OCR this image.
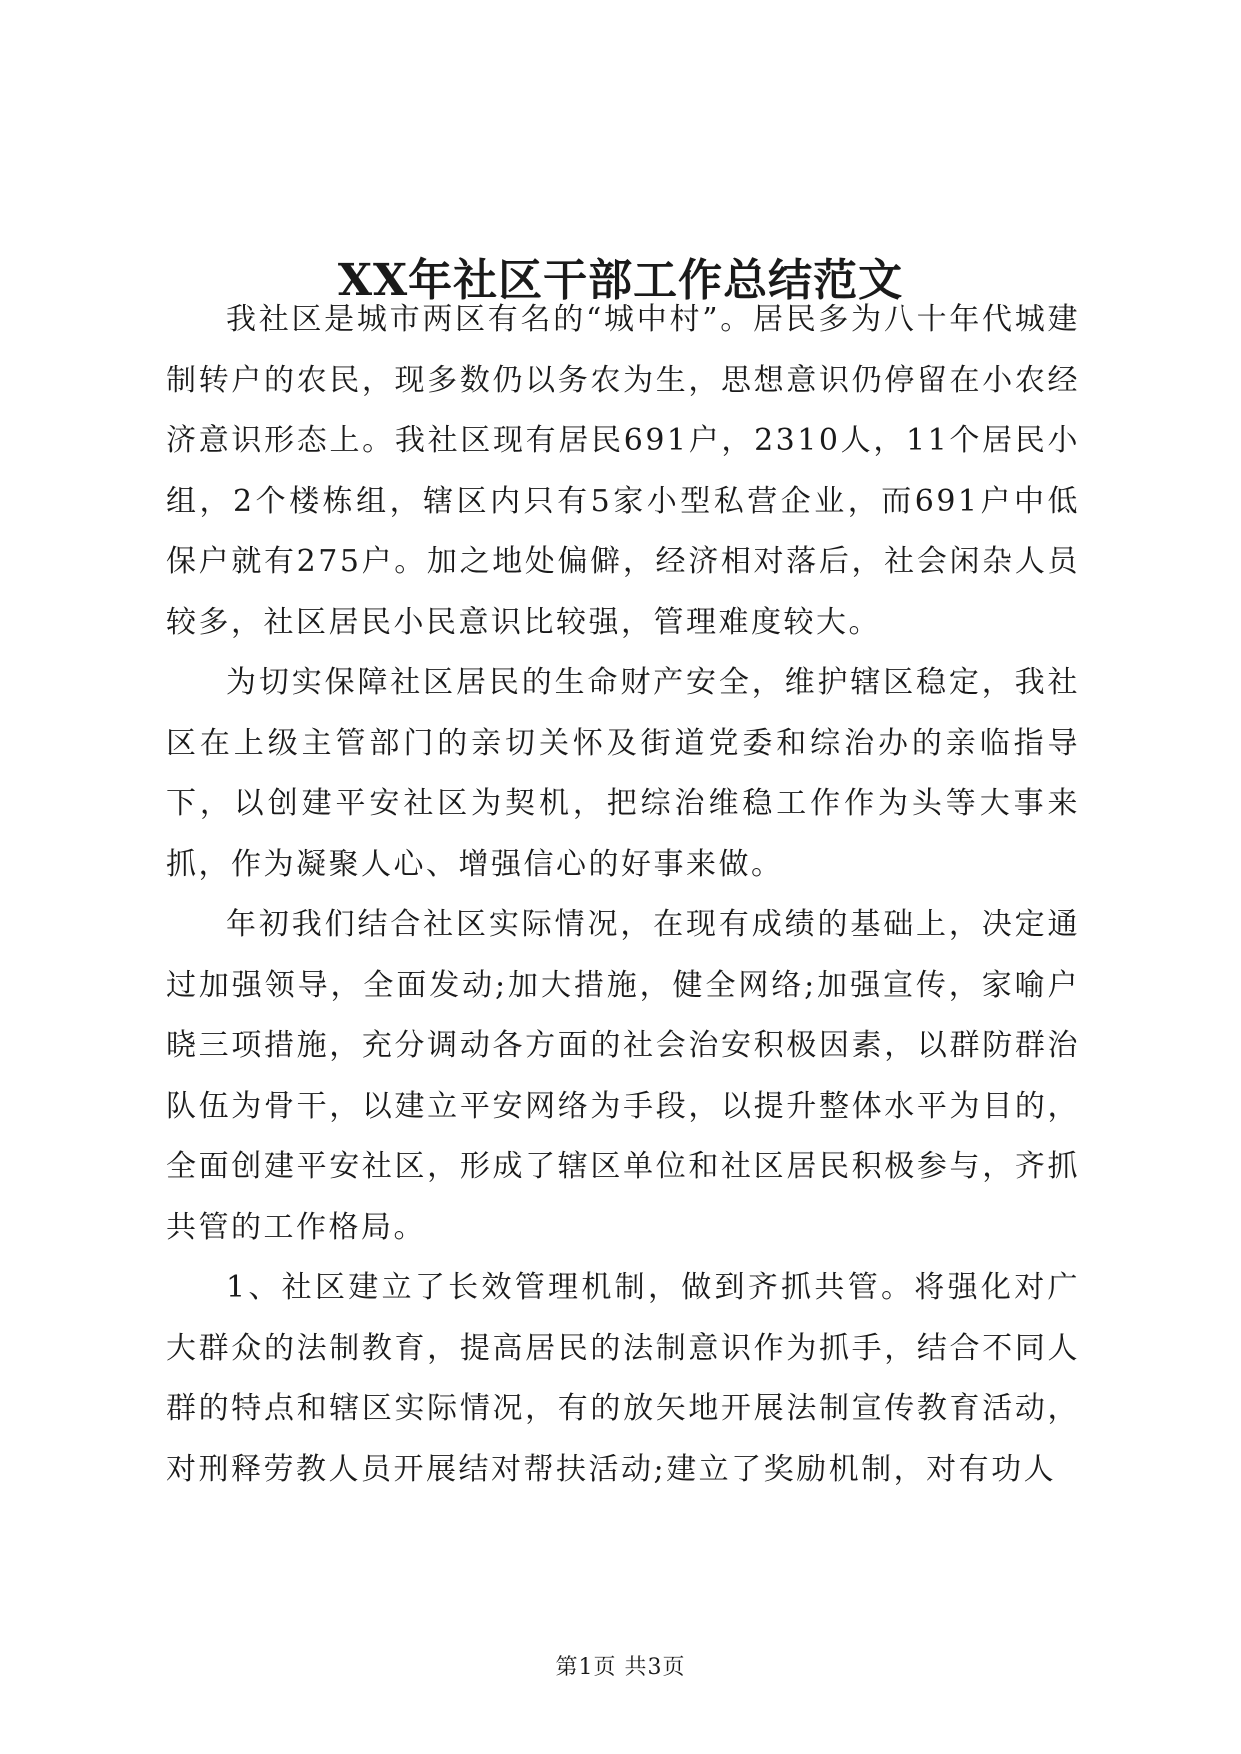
XX年社区干部工作总结范文

我社区是城市两区有名的“城中村”。居民多为八十年代城建制转户的农民，现多数仍以务农为生，思想意识仍停留在小农经济意识形态上。我社区现有居民691户，2310人，11个居民小组，2个楼栋组，辖区内只有5家小型私营企业，而691户中低保户就有275户。加之地处偏僻，经济相对落后，社会闲杂人员较多，社区居民小民意识比较强，管理难度较大。

为切实保障社区居民的生命财产安全，维护辖区稳定，我社区在上级主管部门的亲切关怀及街道党委和综治办的亲临指导下，以创建平安社区为契机，把综治维稳工作作为头等大事来抓，作为凝聚人心、增强信心的好事来做。

年初我们结合社区实际情况，在现有成绩的基础上，决定通过加强领导，全面发动;加大措施，健全网络;加强宣传，家喻户晓三项措施，充分调动各方面的社会治安积极因素，以群防群治队伍为骨干，以建立平安网络为手段，以提升整体水平为目的，全面创建平安社区，形成了辖区单位和社区居民积极参与，齐抓共管的工作格局。

1、社区建立了长效管理机制，做到齐抓共管。将强化对广大群众的法制教育，提高居民的法制意识作为抓手，结合不同人群的特点和辖区实际情况，有的放矢地开展法制宣传教育活动，对刑释劳教人员开展结对帮扶活动;建立了奖励机制，对有功人

第1页 共3页
